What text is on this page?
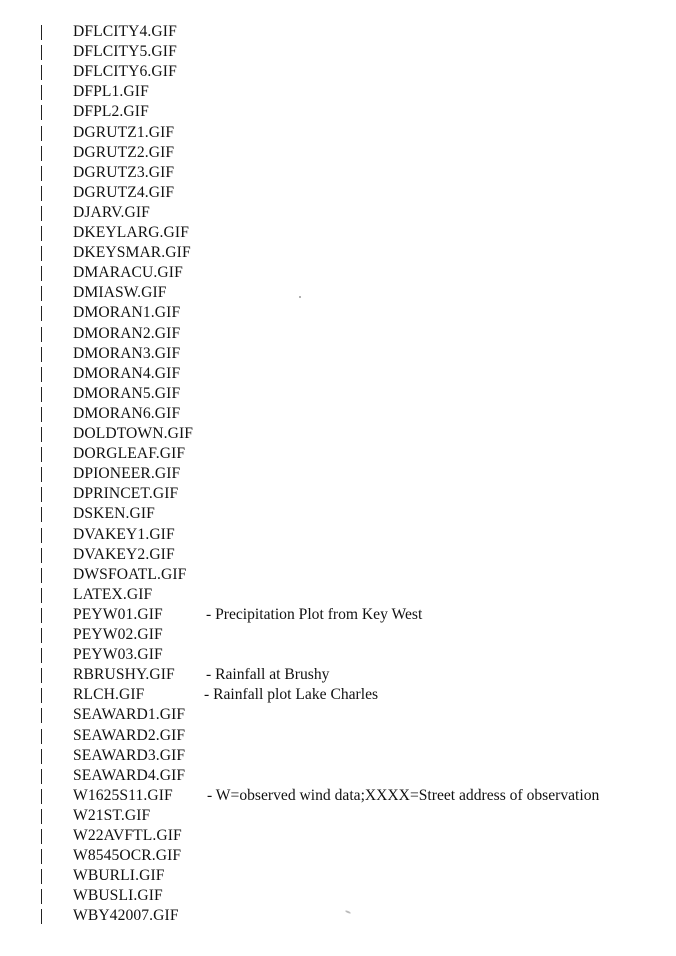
DFLCITY4.GIF
DFLCITY5.GIF
DFLCITY6.GIF
DFPL1.GIF
DFPL2.GIF
DGRUTZ1.GIF
DGRUTZ2.GIF
DGRUTZ3.GIF
DGRUTZ4.GIF
DJARV.GIF
DKEYLARG.GIF
DKEYSMAR.GIF
DMARACU.GIF
DMIASW.GIF
DMORAN1.GIF
DMORAN2.GIF
DMORAN3.GIF
DMORAN4.GIF
DMORAN5.GIF
DMORAN6.GIF
DOLDTOWN.GIF
DORGLEAF.GIF
DPIONEER.GIF
DPRINCET.GIF
DSKEN.GIF
DVAKEY1.GIF
DVAKEY2.GIF
DWSFOATL.GIF
LATEX.GIF
PEYW01.GIF	- Precipitation Plot from Key West
PEYW02.GIF
PEYW03.GIF
RBRUSHY.GIF - Rainfall at Brushy
RLCH.GIF	- Rainfall plot Lake Charles
SEAWARD1.GIF
SEAWARD2.GIF
SEAWARD3.GIF
SEAWARD4.GIF
W1625S11.GIF - W=observed wind data;XXXX=Street address of observation
W21ST.GIF
W22AVFTL.GIF
W8545OCR.GIF
WBURLI.GIF
WBUSLI.GIF
WBY42007.GIF
